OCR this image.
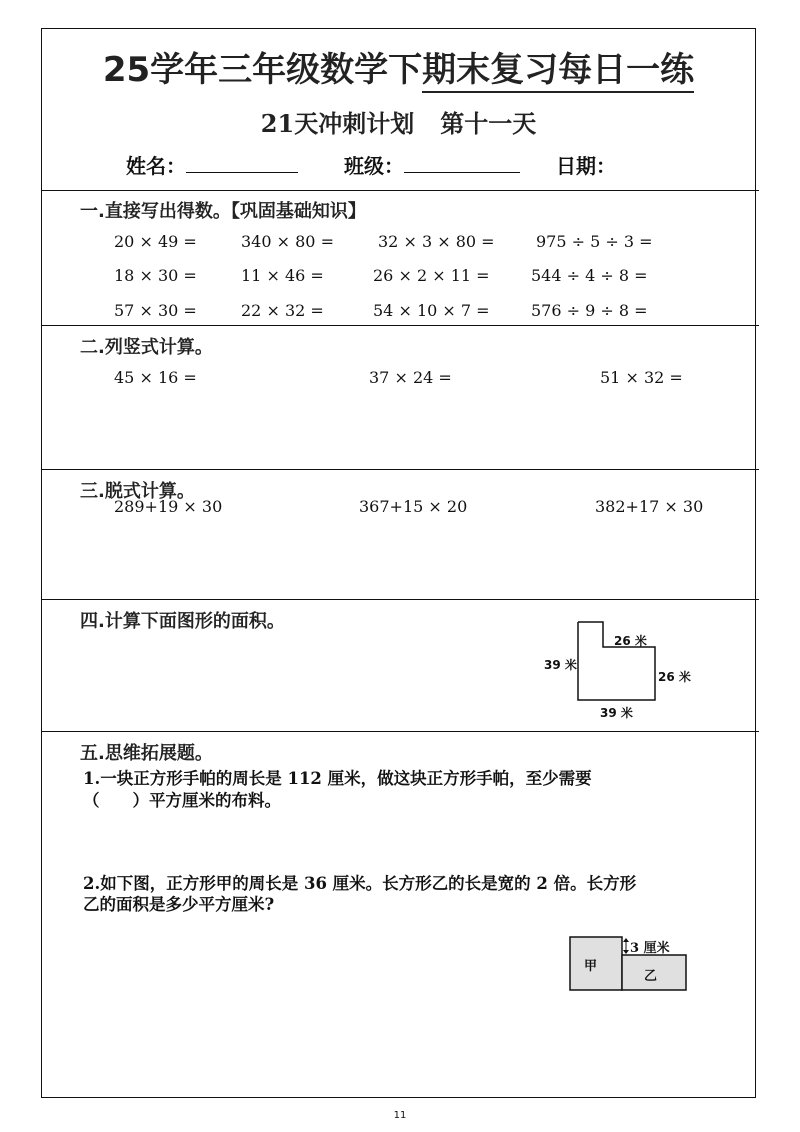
25学年三年级数学下期末复习每日一练
21天冲刺计划 第十一天
姓名：	班级：	日期：
一.直接写出得数。【巩固基础知识】
20 × 49 =	340 × 80 =	32 × 3 × 80 =	975 ÷ 5 ÷ 3 =
18 × 30 =	11 × 46 =	26 × 2 × 11 =	544 ÷ 4 ÷ 8 =
57 × 30 =	22 × 32 =	54 × 10 × 7 =	576 ÷ 9 ÷ 8 =
二.列竖式计算。
45 × 16 =	37 × 24 =	51 × 32 =
三.脱式计算。
289+19 × 30	367+15 × 20	382+17 × 30
四.计算下面图形的面积。
26 米
39 米
26 米
39 米
五.思维拓展题。
1.一块正方形手帕的周长是 112 厘米，做这块正方形手帕，至少需要
（　　）平方厘米的布料。
2.如下图，正方形甲的周长是 36 厘米。长方形乙的长是宽的 2 倍。长方形
乙的面积是多少平方厘米?
甲
乙
3 厘米
11
